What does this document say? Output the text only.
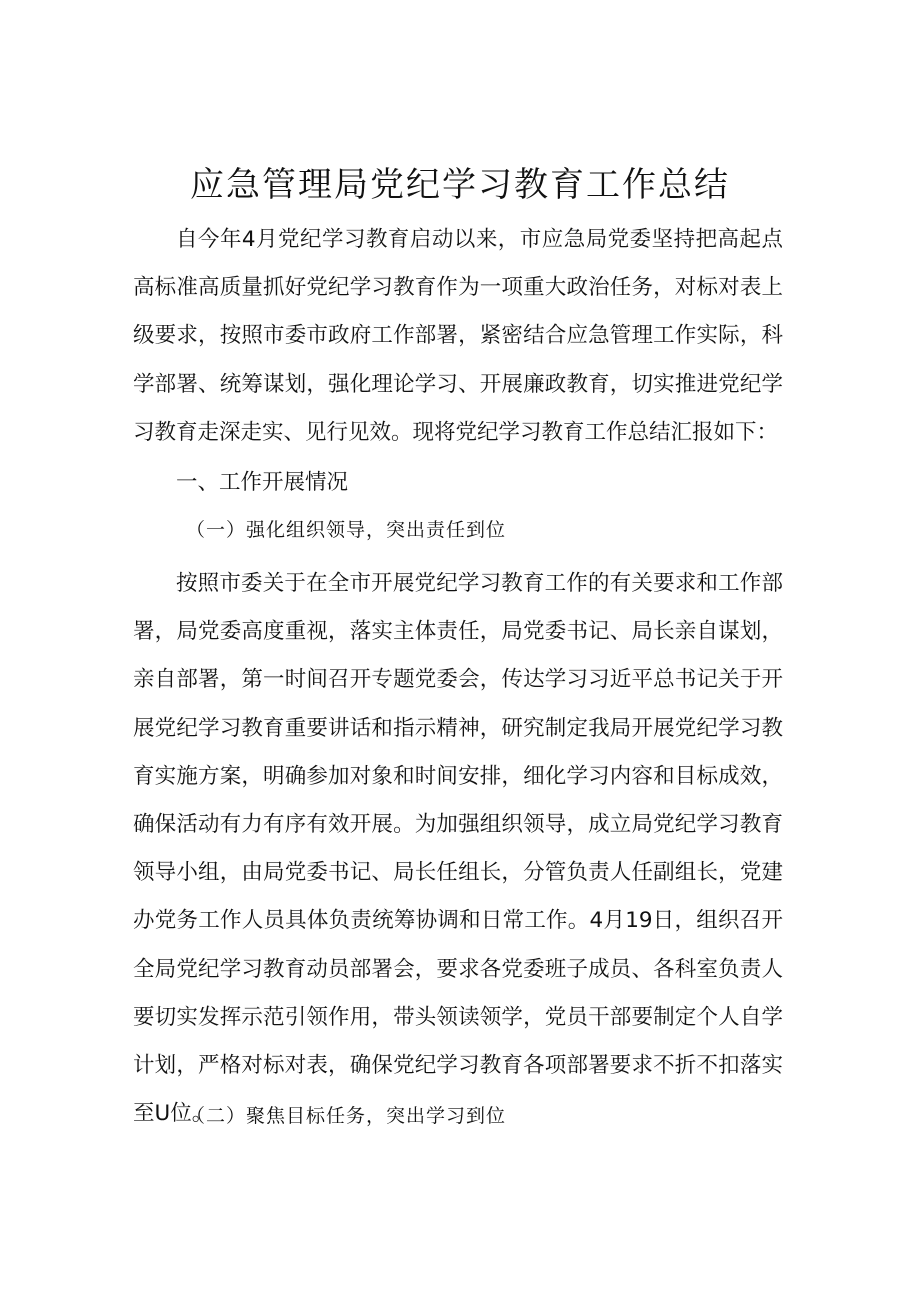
应急管理局党纪学习教育工作总结

自今年4月党纪学习教育启动以来，市应急局党委坚持把高起点高标准高质量抓好党纪学习教育作为一项重大政治任务，对标对表上级要求，按照市委市政府工作部署，紧密结合应急管理工作实际，科学部署、统筹谋划，强化理论学习、开展廉政教育，切实推进党纪学习教育走深走实、见行见效。现将党纪学习教育工作总结汇报如下：

一、工作开展情况

（一）强化组织领导，突出责任到位

按照市委关于在全市开展党纪学习教育工作的有关要求和工作部署，局党委高度重视，落实主体责任，局党委书记、局长亲自谋划，亲自部署，第一时间召开专题党委会，传达学习习近平总书记关于开展党纪学习教育重要讲话和指示精神，研究制定我局开展党纪学习教育实施方案，明确参加对象和时间安排，细化学习内容和目标成效，确保活动有力有序有效开展。为加强组织领导，成立局党纪学习教育领导小组，由局党委书记、局长任组长，分管负责人任副组长，党建办党务工作人员具体负责统筹协调和日常工作。4月19日，组织召开全局党纪学习教育动员部署会，要求各党委班子成员、各科室负责人要切实发挥示范引领作用，带头领读领学，党员干部要制定个人自学计划，严格对标对表，确保党纪学习教育各项部署要求不折不扣落实至U位。

（二）聚焦目标任务，突出学习到位
